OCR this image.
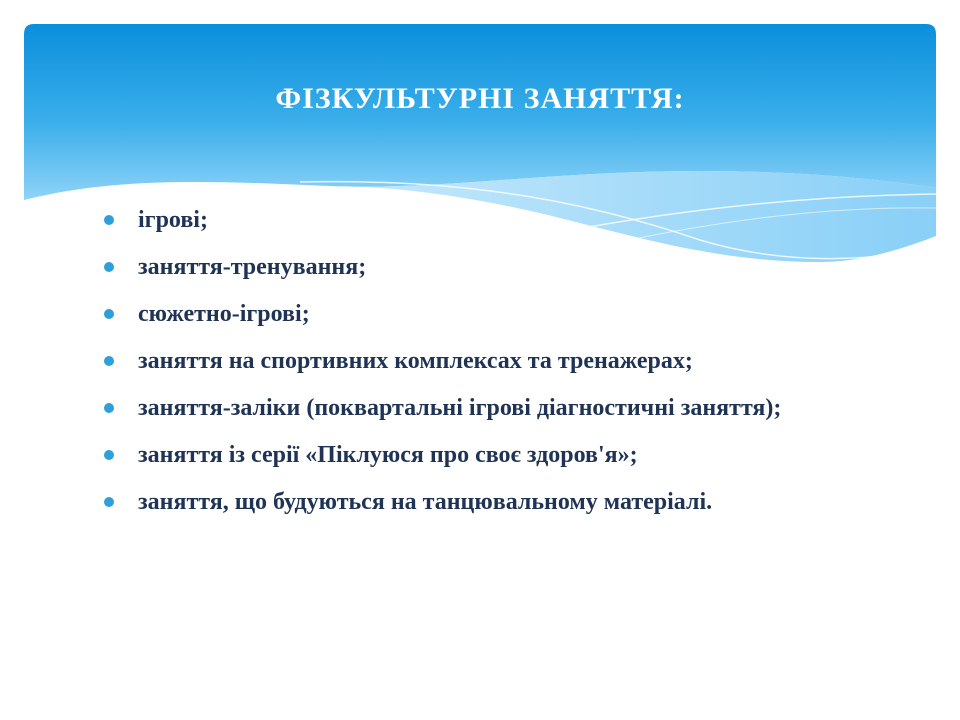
ФІЗКУЛЬТУРНІ ЗАНЯТТЯ:
ігрові;
заняття-тренування;
сюжетно-ігрові;
заняття на спортивних комплексах та тренажерах;
заняття-заліки (поквартальні ігрові діагностичні заняття);
заняття із серії «Піклуюся про своє здоров'я»;
заняття, що будуються на танцювальному матеріалі.
